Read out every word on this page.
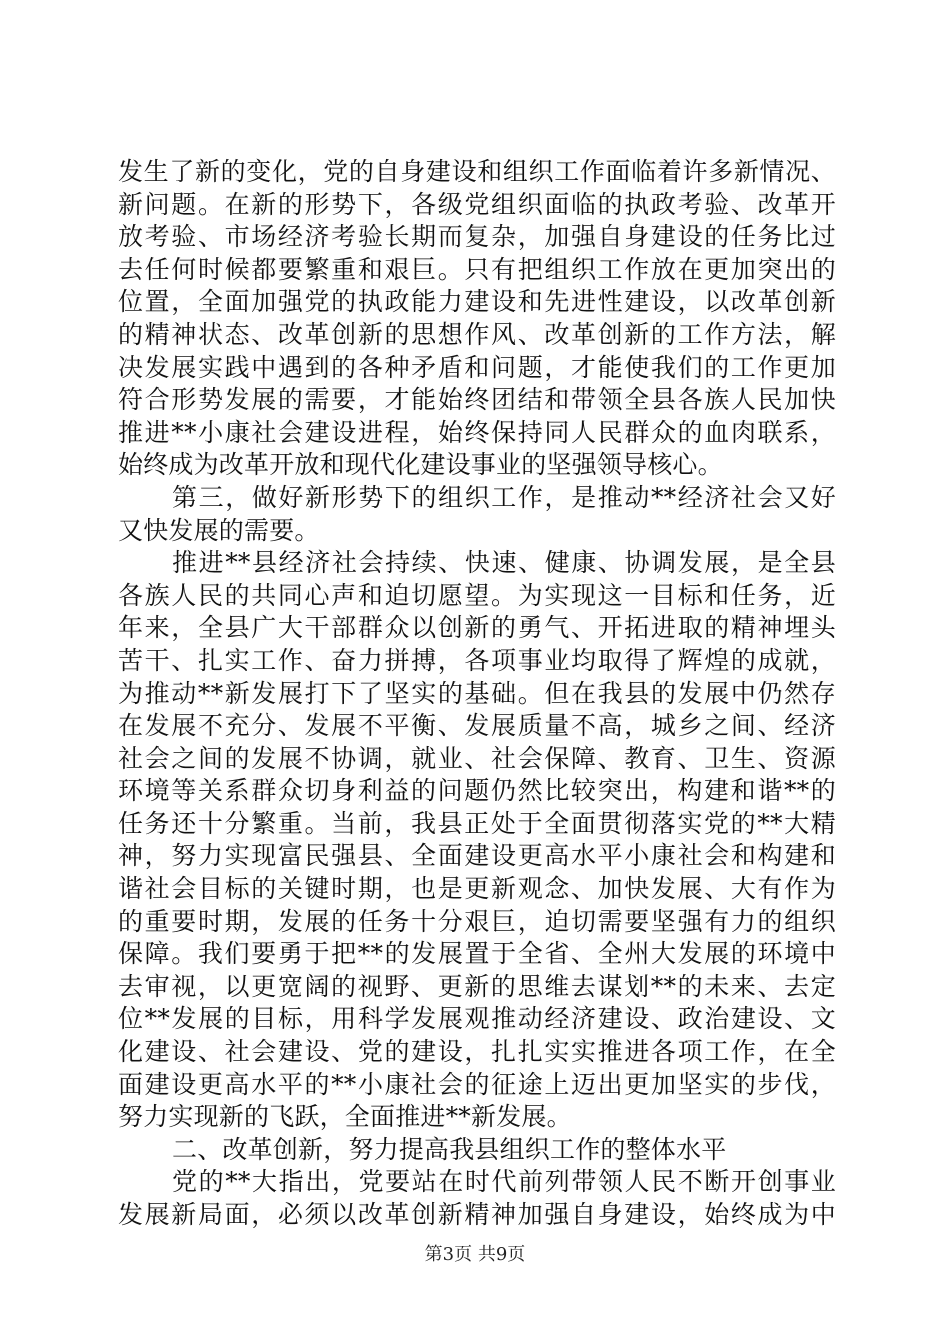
发生了新的变化，党的自身建设和组织工作面临着许多新情况、
新问题。在新的形势下，各级党组织面临的执政考验、改革开
放考验、市场经济考验长期而复杂，加强自身建设的任务比过
去任何时候都要繁重和艰巨。只有把组织工作放在更加突出的
位置，全面加强党的执政能力建设和先进性建设，以改革创新
的精神状态、改革创新的思想作风、改革创新的工作方法，解
决发展实践中遇到的各种矛盾和问题，才能使我们的工作更加
符合形势发展的需要，才能始终团结和带领全县各族人民加快
推进**小康社会建设进程，始终保持同人民群众的血肉联系，
始终成为改革开放和现代化建设事业的坚强领导核心。
第三，做好新形势下的组织工作，是推动**经济社会又好
又快发展的需要。
推进**县经济社会持续、快速、健康、协调发展，是全县
各族人民的共同心声和迫切愿望。为实现这一目标和任务，近
年来，全县广大干部群众以创新的勇气、开拓进取的精神埋头
苦干、扎实工作、奋力拼搏，各项事业均取得了辉煌的成就，
为推动**新发展打下了坚实的基础。但在我县的发展中仍然存
在发展不充分、发展不平衡、发展质量不高，城乡之间、经济
社会之间的发展不协调，就业、社会保障、教育、卫生、资源
环境等关系群众切身利益的问题仍然比较突出，构建和谐**的
任务还十分繁重。当前，我县正处于全面贯彻落实党的**大精
神，努力实现富民强县、全面建设更高水平小康社会和构建和
谐社会目标的关键时期，也是更新观念、加快发展、大有作为
的重要时期，发展的任务十分艰巨，迫切需要坚强有力的组织
保障。我们要勇于把**的发展置于全省、全州大发展的环境中
去审视，以更宽阔的视野、更新的思维去谋划**的未来、去定
位**发展的目标，用科学发展观推动经济建设、政治建设、文
化建设、社会建设、党的建设，扎扎实实推进各项工作，在全
面建设更高水平的**小康社会的征途上迈出更加坚实的步伐，
努力实现新的飞跃，全面推进**新发展。
二、改革创新，努力提高我县组织工作的整体水平
党的**大指出，党要站在时代前列带领人民不断开创事业
发展新局面，必须以改革创新精神加强自身建设，始终成为中
第3页 共9页
